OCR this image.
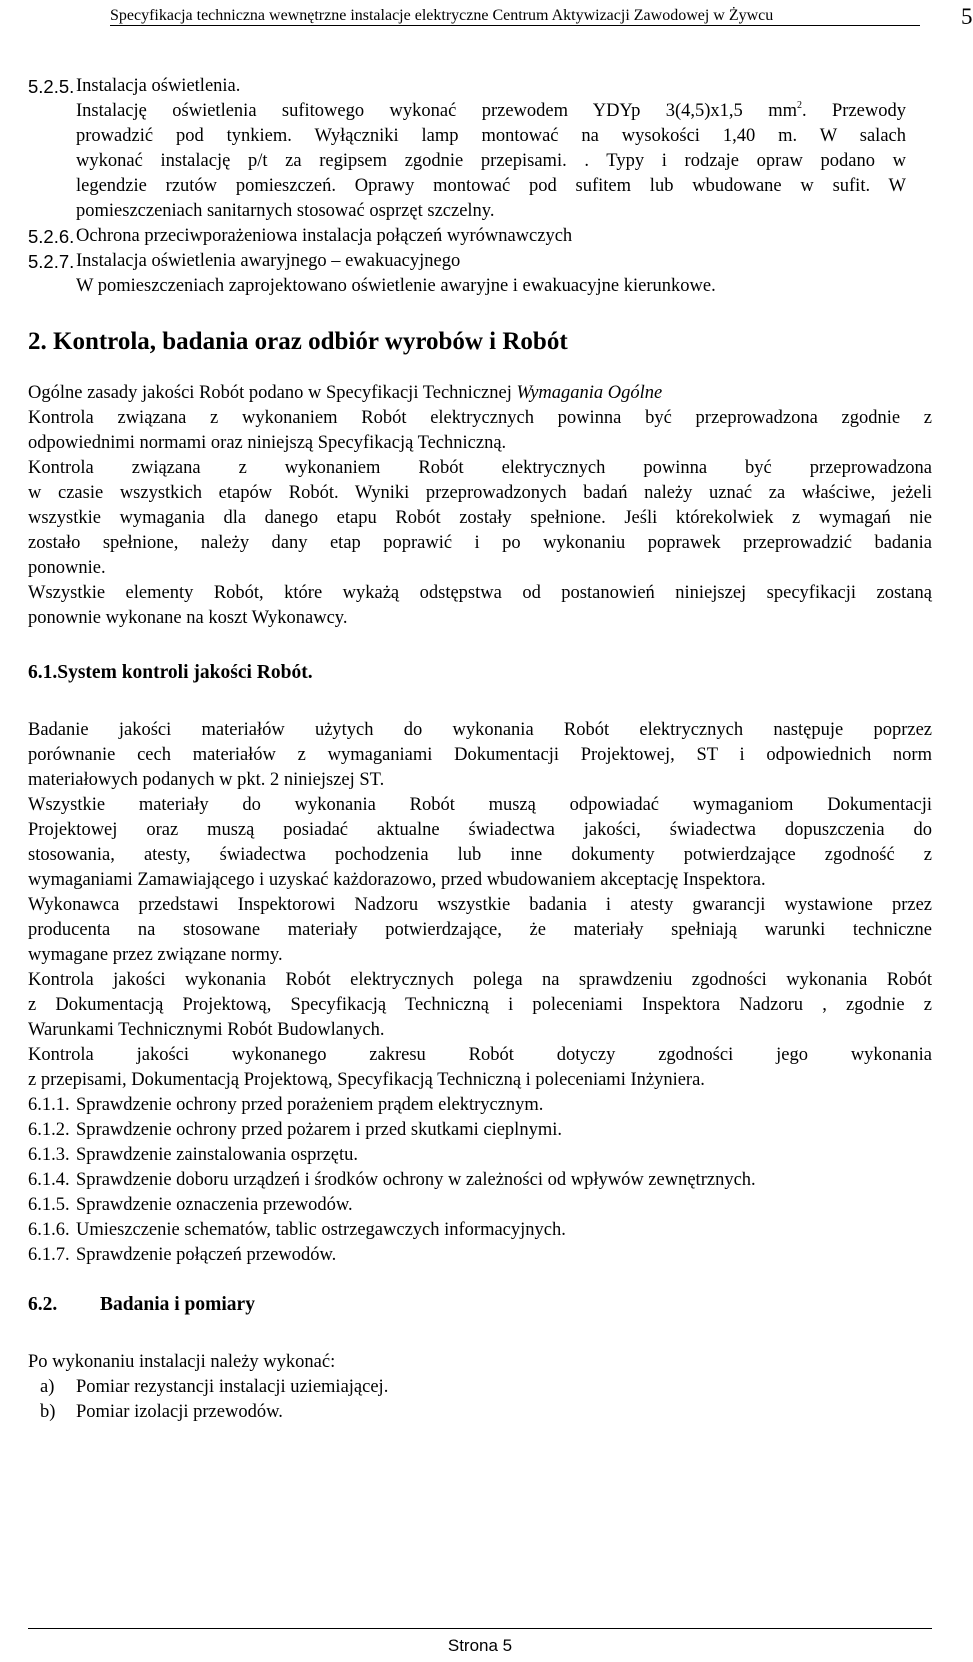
Specyfikacja techniczna wewnętrzne instalacje elektryczne Centrum Aktywizacji Zawodowej w Żywcu	5
5.2.5. Instalacja oświetlenia.
Instalację oświetlenia sufitowego wykonać przewodem YDYp 3(4,5)x1,5 $mm^2$. Przewody
prowadzić pod tynkiem. Wyłączniki lamp montować na wysokości 1,40 m. W salach
wykonać instalację p/t za regipsem zgodnie przepisami. . Typy i rodzaje opraw podano w
legendzie rzutów pomieszczeń. Oprawy montować pod sufitem lub wbudowane w sufit. W
pomieszczeniach sanitarnych stosować osprzęt szczelny.
5.2.6. Ochrona przeciwporażeniowa instalacja połączeń wyrównawczych
5.2.7. Instalacja oświetlenia awaryjnego – ewakuacyjnego
W pomieszczeniach zaprojektowano oświetlenie awaryjne i ewakuacyjne kierunkowe.
2. Kontrola, badania oraz odbiór wyrobów i Robót
Ogólne zasady jakości Robót podano w Specyfikacji Technicznej Wymagania Ogólne
Kontrola związana z wykonaniem Robót elektrycznych powinna być przeprowadzona zgodnie z
odpowiednimi normami oraz niniejszą Specyfikacją Techniczną.
Kontrola związana z wykonaniem Robót elektrycznych powinna być przeprowadzona
w czasie wszystkich etapów Robót. Wyniki przeprowadzonych badań należy uznać za właściwe, jeżeli
wszystkie wymagania dla danego etapu Robót zostały spełnione. Jeśli którekolwiek z wymagań nie
zostało spełnione, należy dany etap poprawić i po wykonaniu poprawek przeprowadzić badania
ponownie.
Wszystkie elementy Robót, które wykażą odstępstwa od postanowień niniejszej specyfikacji zostaną
ponownie wykonane na koszt Wykonawcy.
6.1.System kontroli jakości Robót.
Badanie jakości materiałów użytych do wykonania Robót elektrycznych następuje poprzez
porównanie cech materiałów z wymaganiami Dokumentacji Projektowej, ST i odpowiednich norm
materiałowych podanych w pkt. 2 niniejszej ST.
Wszystkie materiały do wykonania Robót muszą odpowiadać wymaganiom Dokumentacji
Projektowej oraz muszą posiadać aktualne świadectwa jakości, świadectwa dopuszczenia do
stosowania, atesty, świadectwa pochodzenia lub inne dokumenty potwierdzające zgodność z
wymaganiami Zamawiającego i uzyskać każdorazowo, przed wbudowaniem akceptację Inspektora.
Wykonawca przedstawi Inspektorowi Nadzoru wszystkie badania i atesty gwarancji wystawione przez
producenta na stosowane materiały potwierdzające, że materiały spełniają warunki techniczne
wymagane przez związane normy.
Kontrola jakości wykonania Robót elektrycznych polega na sprawdzeniu zgodności wykonania Robót
z Dokumentacją Projektową, Specyfikacją Techniczną i poleceniami Inspektora Nadzoru , zgodnie z
Warunkami Technicznymi Robót Budowlanych.
Kontrola jakości wykonanego zakresu Robót dotyczy zgodności jego wykonania
z przepisami, Dokumentacją Projektową, Specyfikacją Techniczną i poleceniami Inżyniera.
6.1.1. Sprawdzenie ochrony przed porażeniem prądem elektrycznym.
6.1.2. Sprawdzenie ochrony przed pożarem i przed skutkami cieplnymi.
6.1.3. Sprawdzenie zainstalowania osprzętu.
6.1.4. Sprawdzenie doboru urządzeń i środków ochrony w zależności od wpływów zewnętrznych.
6.1.5. Sprawdzenie oznaczenia przewodów.
6.1.6. Umieszczenie schematów, tablic ostrzegawczych informacyjnych.
6.1.7. Sprawdzenie połączeń przewodów.
6.2. Badania i pomiary
Po wykonaniu instalacji należy wykonać:
a) Pomiar rezystancji instalacji uziemiającej.
b) Pomiar izolacji przewodów.
Strona 5
